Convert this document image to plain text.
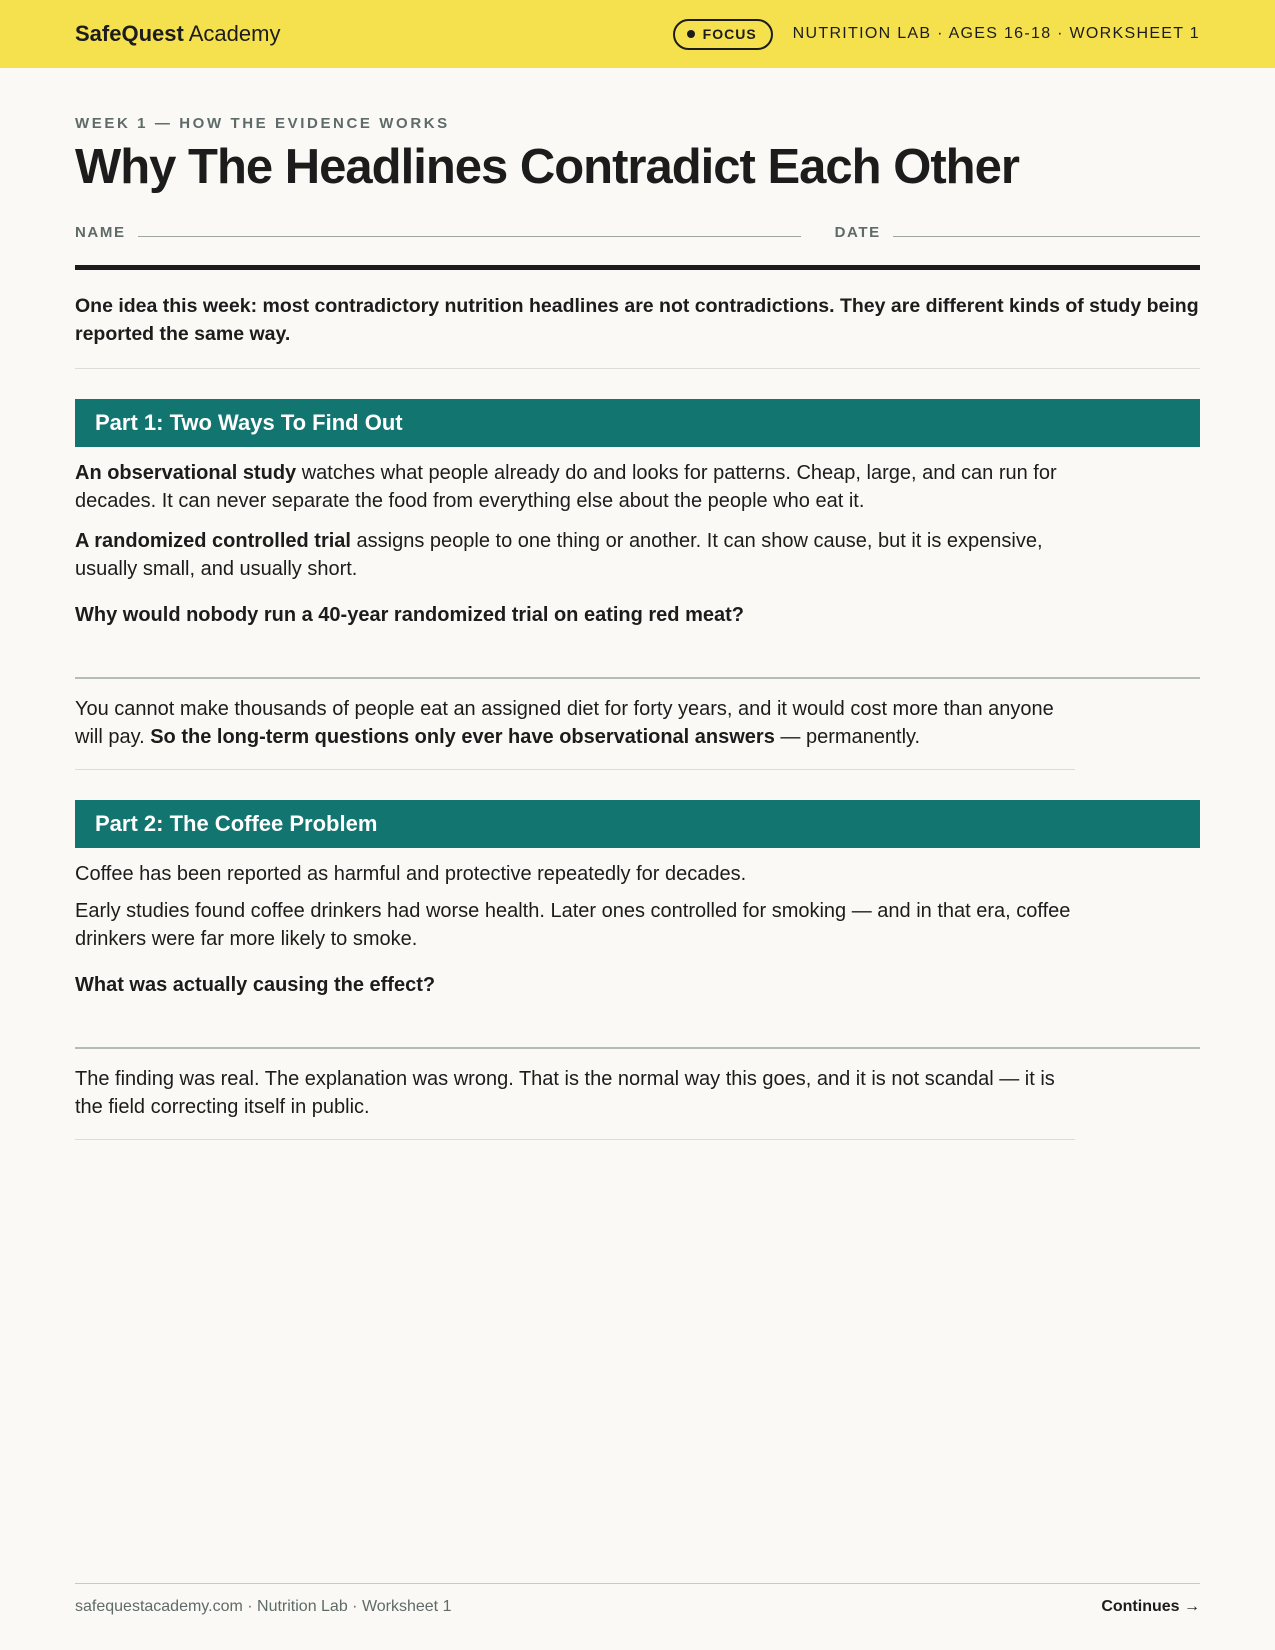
SafeQuest Academy	FOCUS NUTRITION LAB · AGES 16-18 · WORKSHEET 1
WEEK 1 — HOW THE EVIDENCE WORKS
Why The Headlines Contradict Each Other
NAME	DATE
One idea this week: most contradictory nutrition headlines are not contradictions. They are different kinds of study being reported the same way.
Part 1: Two Ways To Find Out

An observational study watches what people already do and looks for patterns. Cheap, large, and can run for decades. It can never separate the food from everything else about the people who eat it.

A randomized controlled trial assigns people to one thing or another. It can show cause, but it is expensive, usually small, and usually short.

Why would nobody run a 40-year randomized trial on eating red meat?
You cannot make thousands of people eat an assigned diet for forty years, and it would cost more than anyone will pay. So the long-term questions only ever have observational answers — permanently.
Part 2: The Coffee Problem

Coffee has been reported as harmful and protective repeatedly for decades.

Early studies found coffee drinkers had worse health. Later ones controlled for smoking — and in that era, coffee drinkers were far more likely to smoke.

What was actually causing the effect?
The finding was real. The explanation was wrong. That is the normal way this goes, and it is not scandal — it is the field correcting itself in public.
safequestacademy.com · Nutrition Lab · Worksheet 1	Continues →
